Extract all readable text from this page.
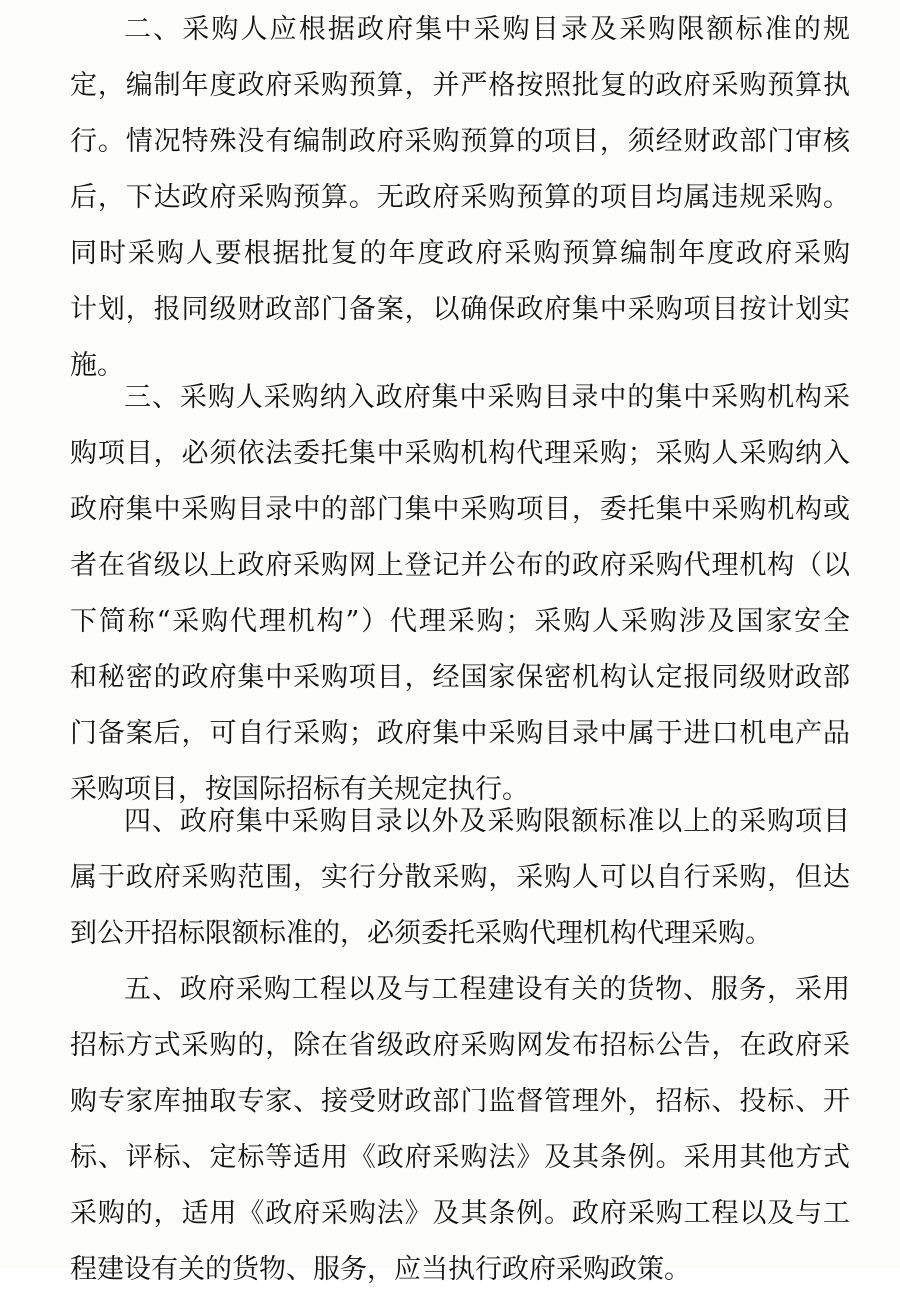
二、采购人应根据政府集中采购目录及采购限额标准的规
定，编制年度政府采购预算，并严格按照批复的政府采购预算执
行。情况特殊没有编制政府采购预算的项目，须经财政部门审核
后，下达政府采购预算。无政府采购预算的项目均属违规采购。
同时采购人要根据批复的年度政府采购预算编制年度政府采购
计划，报同级财政部门备案，以确保政府集中采购项目按计划实
施。
三、采购人采购纳入政府集中采购目录中的集中采购机构采
购项目，必须依法委托集中采购机构代理采购；采购人采购纳入
政府集中采购目录中的部门集中采购项目，委托集中采购机构或
者在省级以上政府采购网上登记并公布的政府采购代理机构（以
下简称“采购代理机构”）代理采购；采购人采购涉及国家安全
和秘密的政府集中采购项目，经国家保密机构认定报同级财政部
门备案后，可自行采购；政府集中采购目录中属于进口机电产品
采购项目，按国际招标有关规定执行。
四、政府集中采购目录以外及采购限额标准以上的采购项目
属于政府采购范围，实行分散采购，采购人可以自行采购，但达
到公开招标限额标准的，必须委托采购代理机构代理采购。
五、政府采购工程以及与工程建设有关的货物、服务，采用
招标方式采购的，除在省级政府采购网发布招标公告，在政府采
购专家库抽取专家、接受财政部门监督管理外，招标、投标、开
标、评标、定标等适用《政府采购法》及其条例。采用其他方式
采购的，适用《政府采购法》及其条例。政府采购工程以及与工
程建设有关的货物、服务，应当执行政府采购政策。
